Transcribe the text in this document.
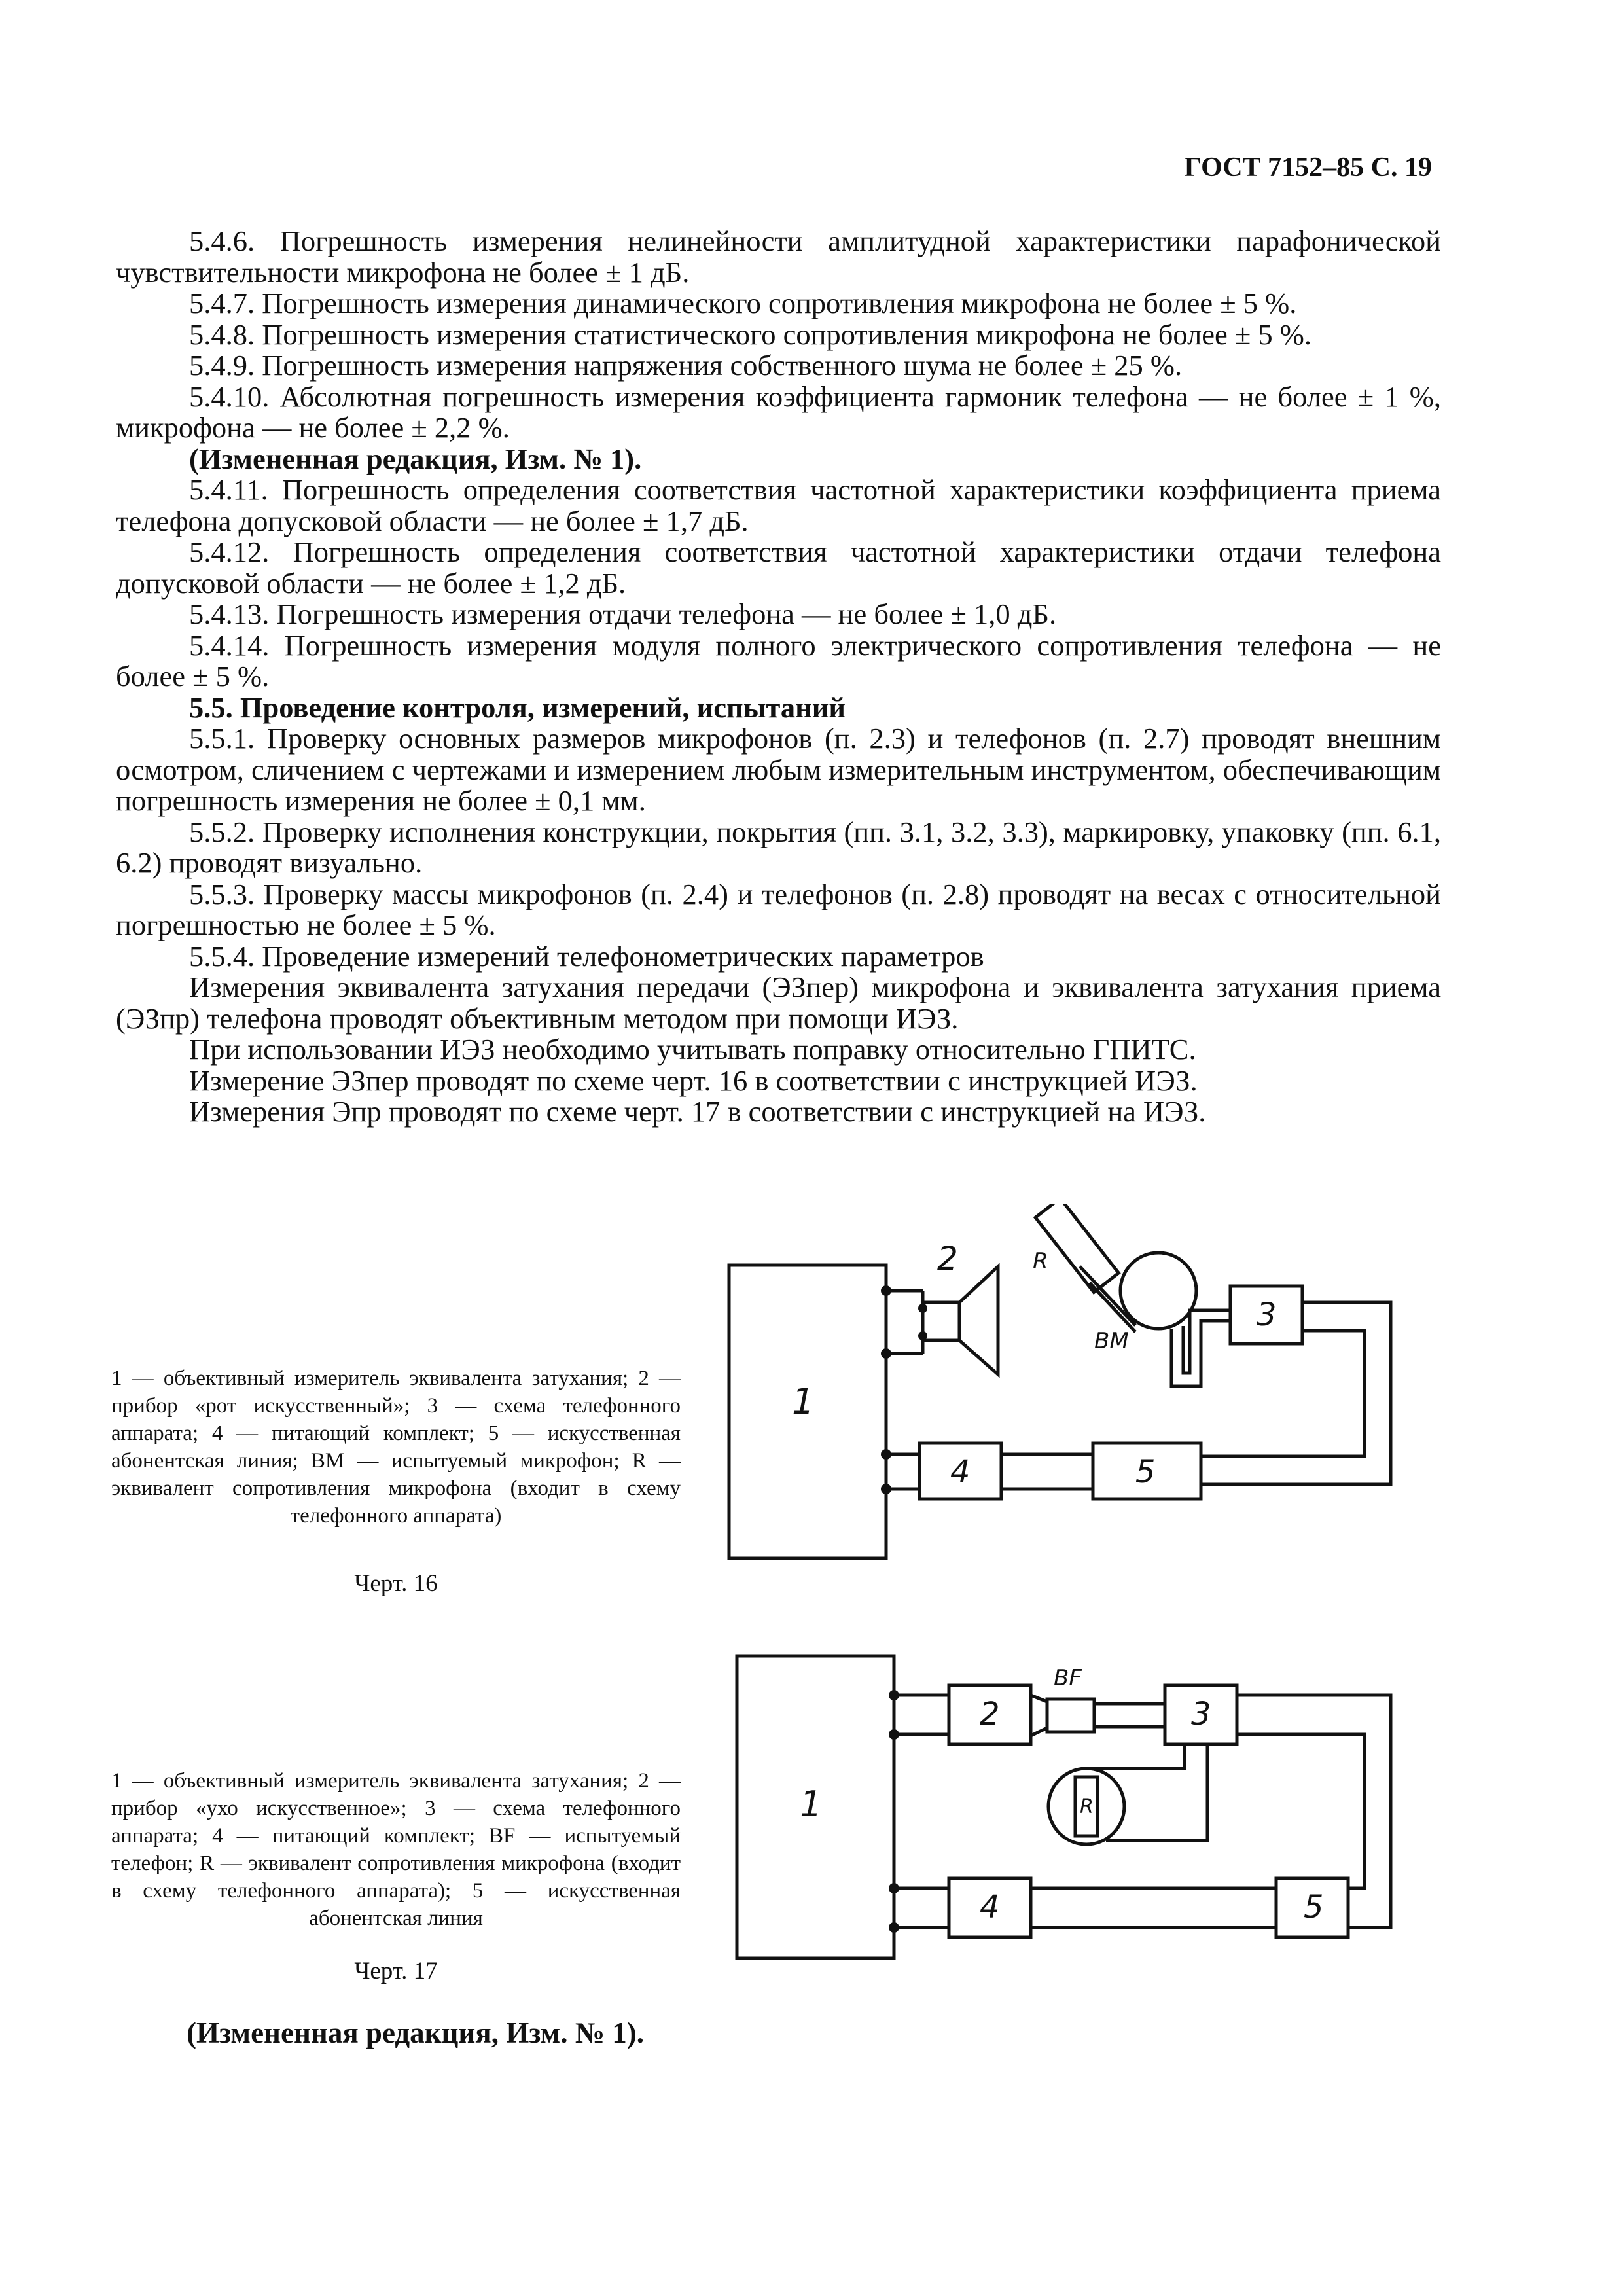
ГОСТ 7152–85 С. 19

5.4.6. Погрешность измерения нелинейности амплитудной характеристики парафонической чувствительности микрофона не более ± 1 дБ.

5.4.7. Погрешность измерения динамического сопротивления микрофона не более ± 5 %.

5.4.8. Погрешность измерения статистического сопротивления микрофона не более ± 5 %.

5.4.9. Погрешность измерения напряжения собственного шума не более ± 25 %.

5.4.10. Абсолютная погрешность измерения коэффициента гармоник телефона — не более ± 1 %, микрофона — не более ± 2,2 %.

(Измененная редакция, Изм. № 1).

5.4.11. Погрешность определения соответствия частотной характеристики коэффициента приема телефона допусковой области — не более ± 1,7 дБ.

5.4.12. Погрешность определения соответствия частотной характеристики отдачи телефона допусковой области — не более ± 1,2 дБ.

5.4.13. Погрешность измерения отдачи телефона — не более ± 1,0 дБ.

5.4.14. Погрешность измерения модуля полного электрического сопротивления телефона — не более ± 5 %.

5.5. Проведение контроля, измерений, испытаний

5.5.1. Проверку основных размеров микрофонов (п. 2.3) и телефонов (п. 2.7) проводят внешним осмотром, сличением с чертежами и измерением любым измерительным инструментом, обеспечивающим погрешность измерения не более ± 0,1 мм.

5.5.2. Проверку исполнения конструкции, покрытия (пп. 3.1, 3.2, 3.3), маркировку, упаковку (пп. 6.1, 6.2) проводят визуально.

5.5.3. Проверку массы микрофонов (п. 2.4) и телефонов (п. 2.8) проводят на весах с относительной погрешностью не более ± 5 %.

5.5.4. Проведение измерений телефонометрических параметров

Измерения эквивалента затухания передачи (ЭЗпер) микрофона и эквивалента затухания приема (ЭЗпр) телефона проводят объективным методом при помощи ИЭЗ.

При использовании ИЭЗ необходимо учитывать поправку относительно ГПИТС.

Измерение ЭЗпер проводят по схеме черт. 16 в соответствии с инструкцией ИЭЗ.

Измерения Эпр проводят по схеме черт. 17 в соответствии с инструкцией на ИЭЗ.

1 — объективный измеритель эквивалента затухания; 2 — прибор «рот искусственный»; 3 — схема телефонного аппарата; 4 — питающий комплект; 5 — искусственная абонентская линия; BM — испытуемый микрофон; R — эквивалент сопротивления микрофона (входит в схему телефонного аппарата)

Черт. 16
1
2	R
BM
3
4	5

1 — объективный измеритель эквивалента затухания; 2 — прибор «ухо искусственное»; 3 — схема телефонного аппарата; 4 — питающий комплект; BF — испытуемый телефон; R — эквивалент сопротивления микрофона (входит в схему телефонного аппарата); 5 — искусственная абонентская линия

Черт. 17
1
2
BF
3
R
4	5
(Измененная редакция, Изм. № 1).
